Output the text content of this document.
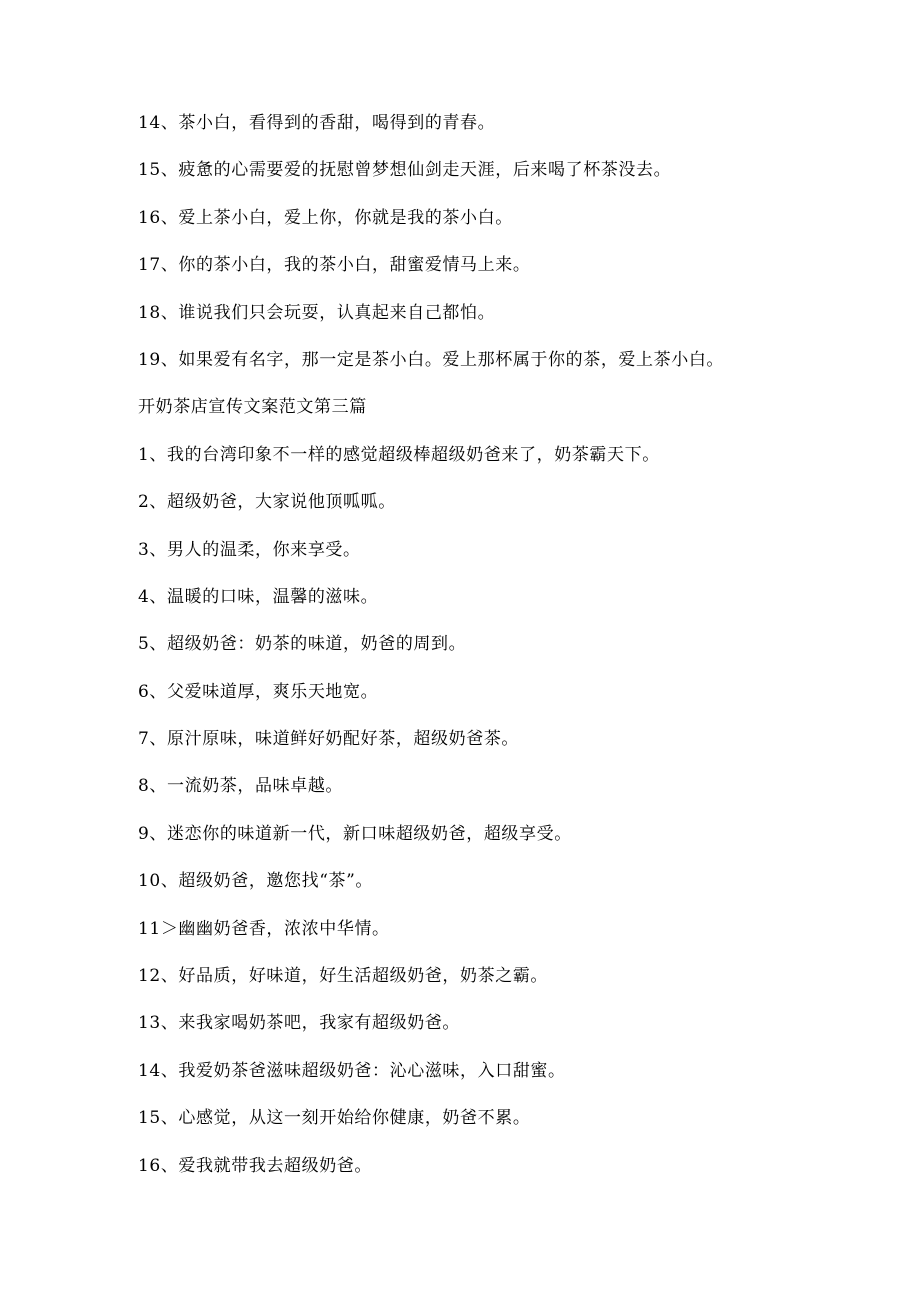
14、茶小白，看得到的香甜，喝得到的青春。
15、疲惫的心需要爱的抚慰曾梦想仙剑走天涯，后来喝了杯茶没去。
16、爱上茶小白，爱上你，你就是我的茶小白。
17、你的茶小白，我的茶小白，甜蜜爱情马上来。
18、谁说我们只会玩耍，认真起来自己都怕。
19、如果爱有名字，那一定是茶小白。爱上那杯属于你的茶，爱上茶小白。
开奶茶店宣传文案范文第三篇
1、我的台湾印象不一样的感觉超级棒超级奶爸来了，奶茶霸天下。
2、超级奶爸，大家说他顶呱呱。
3、男人的温柔，你来享受。
4、温暖的口味，温馨的滋味。
5、超级奶爸：奶茶的味道，奶爸的周到。
6、父爱味道厚，爽乐天地宽。
7、原汁原味，味道鲜好奶配好茶，超级奶爸茶。
8、一流奶茶，品味卓越。
9、迷恋你的味道新一代，新口味超级奶爸，超级享受。
10、超级奶爸，邀您找“茶”。
11＞幽幽奶爸香，浓浓中华情。
12、好品质，好味道，好生活超级奶爸，奶茶之霸。
13、来我家喝奶茶吧，我家有超级奶爸。
14、我爱奶茶爸滋味超级奶爸：沁心滋味，入口甜蜜。
15、心感觉，从这一刻开始给你健康，奶爸不累。
16、爱我就带我去超级奶爸。
